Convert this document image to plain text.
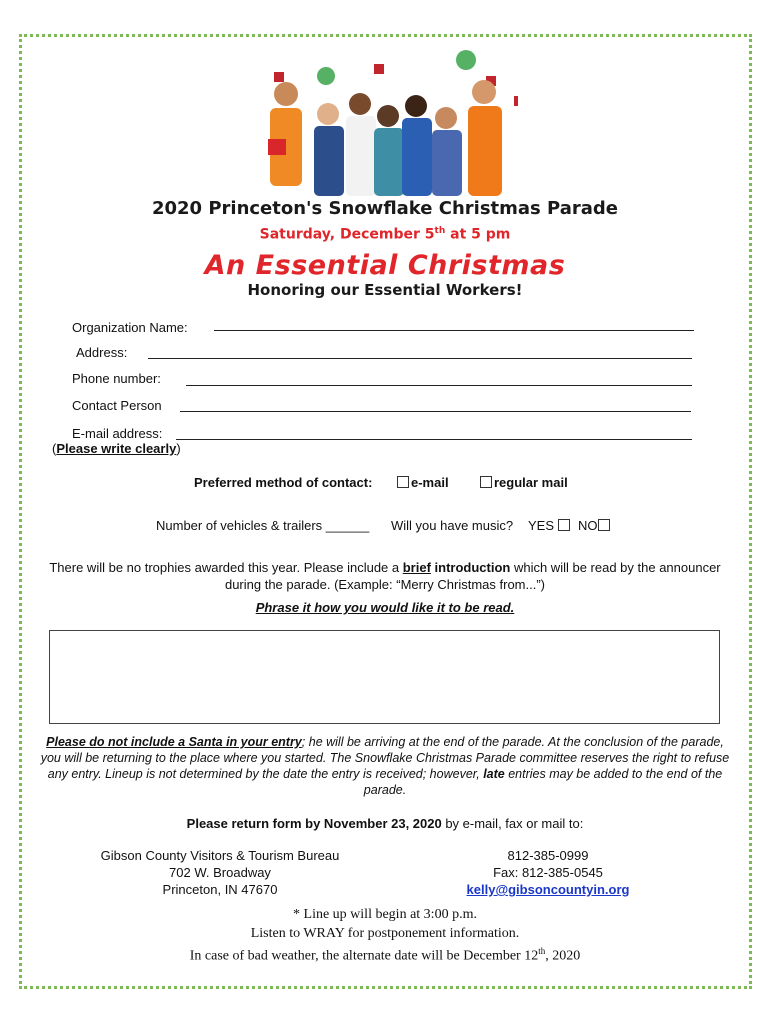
2020 Princeton's Snowflake Christmas Parade
Saturday, December 5th at 5 pm
An Essential Christmas
Honoring our Essential Workers!
Organization Name:
Address:
Phone number:
Contact Person
E-mail address:
(Please write clearly)
Preferred method of contact:	e-mail	regular mail
Number of vehicles & trailers ______ Will you have music? YES	NO
There will be no trophies awarded this year. Please include a brief introduction which will be read by the announcer during the parade. (Example: “Merry Christmas from...”)
Phrase it how you would like it to be read.
Please do not include a Santa in your entry; he will be arriving at the end of the parade. At the conclusion of the parade, you will be returning to the place where you started. The Snowflake Christmas Parade committee reserves the right to refuse any entry. Lineup is not determined by the date the entry is received; however, late entries may be added to the end of the parade.
Please return form by November 23, 2020 by e-mail, fax or mail to:
Gibson County Visitors & Tourism Bureau
702 W. Broadway
Princeton, IN 47670
812-385-0999
Fax: 812-385-0545
kelly@gibsoncountyin.org
* Line up will begin at 3:00 p.m.
Listen to WRAY for postponement information.
In case of bad weather, the alternate date will be December 12th, 2020
